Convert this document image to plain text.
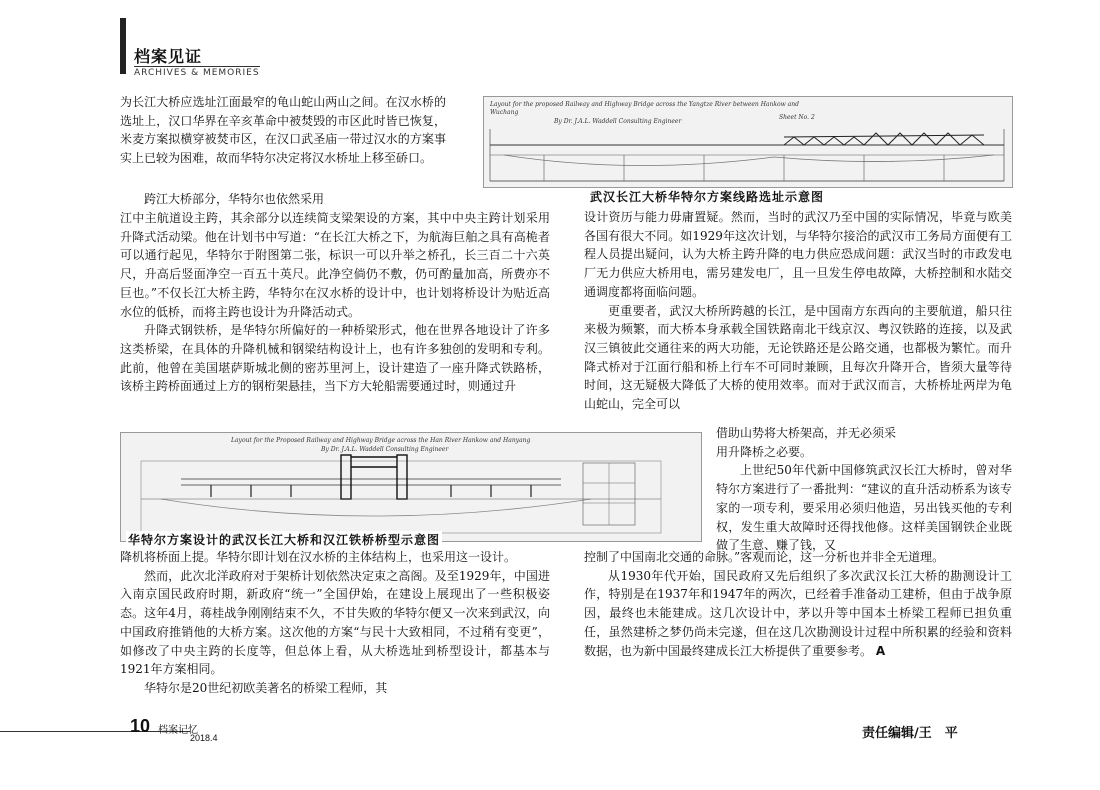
档案见证
ARCHIVES & MEMORIES

为长江大桥应选址江面最窄的龟山蛇山两山之间。在汉水桥的选址上，汉口华界在辛亥革命中被焚毁的市区此时皆已恢复，米麦方案拟横穿被焚市区，在汉口武圣庙一带过汉水的方案事实上已较为困难，故而华特尔决定将汉水桥址上移至硚口。

跨江大桥部分，华特尔也依然采用

江中主航道设主跨，其余部分以连续简支梁架设的方案，其中中央主跨计划采用升降式活动梁。他在计划书中写道：“在长江大桥之下，为航海巨舶之具有高桅者可以通行起见，华特尔于附图第二张，标识一可以升举之桥孔，长三百二十六英尺，升高后竖面净空一百五十英尺。此净空倘仍不敷，仍可酌量加高，所费亦不巨也。”不仅长江大桥主跨，华特尔在汉水桥的设计中，也计划将桥设计为贴近高水位的低桥，而将主跨也设计为升降活动式。

升降式钢铁桥，是华特尔所偏好的一种桥梁形式，他在世界各地设计了许多这类桥梁，在具体的升降机械和钢梁结构设计上，也有许多独创的发明和专利。此前，他曾在美国堪萨斯城北侧的密苏里河上，设计建造了一座升降式铁路桥，该桥主跨桥面通过上方的钢桁架悬挂，当下方大轮船需要通过时，则通过升

Layout for the proposed Railway and Highway Bridge across the Yangtze River between Hankow and Wuchang
By Dr. J.A.L. Waddell Consulting Engineer
Sheet No. 2
武汉长江大桥华特尔方案线路选址示意图

设计资历与能力毋庸置疑。然而，当时的武汉乃至中国的实际情况，毕竟与欧美各国有很大不同。如1929年这次计划，与华特尔接洽的武汉市工务局方面便有工程人员提出疑问，认为大桥主跨升降的电力供应恐成问题：武汉当时的市政发电厂无力供应大桥用电，需另建发电厂，且一旦发生停电故障，大桥控制和水陆交通调度都将面临问题。

更重要者，武汉大桥所跨越的长江，是中国南方东西向的主要航道，船只往来极为频繁，而大桥本身承载全国铁路南北干线京汉、粤汉铁路的连接，以及武汉三镇彼此交通往来的两大功能，无论铁路还是公路交通，也都极为繁忙。而升降式桥对于江面行船和桥上行车不可同时兼顾，且每次升降开合，皆须大量等待时间，这无疑极大降低了大桥的使用效率。而对于武汉而言，大桥桥址两岸为龟山蛇山，完全可以

Layout for the Proposed Railway and Highway Bridge across the Han River Hankow and Hanyang
By Dr. J.A.L. Waddell Consulting Engineer
华特尔方案设计的武汉长江大桥和汉江铁桥桥型示意图

借助山势将大桥架高，并无必须采

用升降桥之必要。

上世纪50年代新中国修筑武汉长江大桥时，曾对华特尔方案进行了一番批判：“建议的直升活动桥系为该专家的一项专利，要采用必须归他造，另出钱买他的专利权，发生重大故障时还得找他修。这样美国钢铁企业既做了生意、赚了钱，又

降机将桥面上提。华特尔即计划在汉水桥的主体结构上，也采用这一设计。

然而，此次北洋政府对于架桥计划依然决定束之高阁。及至1929年，中国进入南京国民政府时期，新政府“统一”全国伊始，在建设上展现出了一些积极姿态。这年4月，蒋桂战争刚刚结束不久，不甘失败的华特尔便又一次来到武汉，向中国政府推销他的大桥方案。这次他的方案“与民十大致相同，不过稍有变更”，如修改了中央主跨的长度等，但总体上看，从大桥选址到桥型设计，都基本与1921年方案相同。

华特尔是20世纪初欧美著名的桥梁工程师，其

控制了中国南北交通的命脉。”客观而论，这一分析也并非全无道理。

从1930年代开始，国民政府又先后组织了多次武汉长江大桥的勘测设计工作，特别是在1937年和1947年的两次，已经着手准备动工建桥，但由于战争原因，最终也未能建成。这几次设计中，茅以升等中国本土桥梁工程师已担负重任，虽然建桥之梦仍尚未完遂，但在这几次勘测设计过程中所积累的经验和资料数据，也为新中国最终建成长江大桥提供了重要参考。 A

责任编辑/王　平
10 档案记忆
2018.4
